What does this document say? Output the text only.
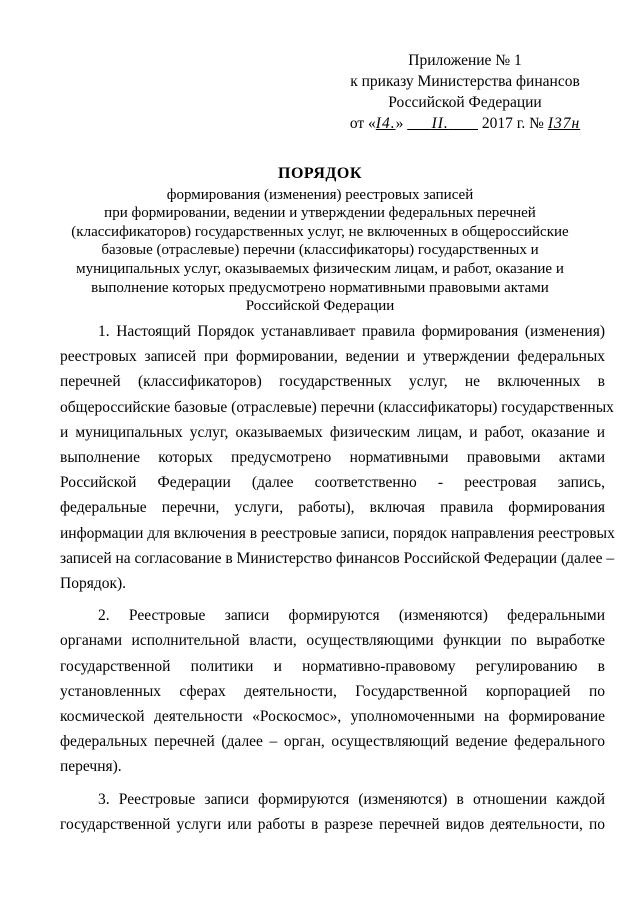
Приложение № 1
к приказу Министерства финансов
Российской Федерации
от «I4.» II. 2017 г. № I37н
ПОРЯДОК
формирования (изменения) реестровых записей
при формировании, ведении и утверждении федеральных перечней
(классификаторов) государственных услуг, не включенных в общероссийские
базовые (отраслевые) перечни (классификаторы) государственных и
муниципальных услуг, оказываемых физическим лицам, и работ, оказание и
выполнение которых предусмотрено нормативными правовыми актами
Российской Федерации
1. Настоящий Порядок устанавливает правила формирования (изменения)
реестровых записей при формировании, ведении и утверждении федеральных
перечней (классификаторов) государственных услуг, не включенных в
общероссийские базовые (отраслевые) перечни (классификаторы) государственных
и муниципальных услуг, оказываемых физическим лицам, и работ, оказание и
выполнение которых предусмотрено нормативными правовыми актами
Российской Федерации (далее соответственно - реестровая запись,
федеральные перечни, услуги, работы), включая правила формирования
информации для включения в реестровые записи, порядок направления реестровых
записей на согласование в Министерство финансов Российской Федерации (далее –
Порядок).
2. Реестровые записи формируются (изменяются) федеральными
органами исполнительной власти, осуществляющими функции по выработке
государственной политики и нормативно-правовому регулированию в
установленных сферах деятельности, Государственной корпорацией по
космической деятельности «Роскосмос», уполномоченными на формирование
федеральных перечней (далее – орган, осуществляющий ведение федерального
перечня).
3. Реестровые записи формируются (изменяются) в отношении каждой
государственной услуги или работы в разрезе перечней видов деятельности, по
